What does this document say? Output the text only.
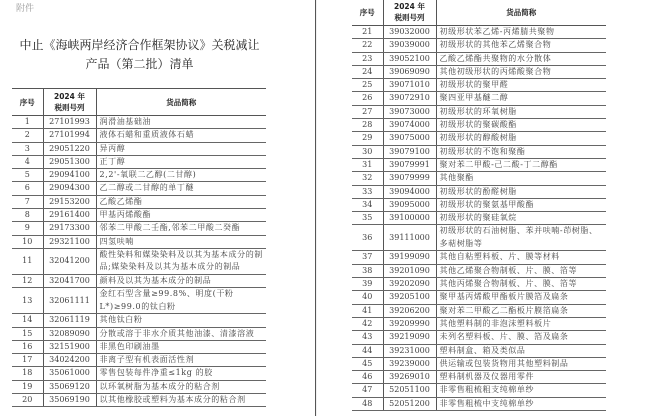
附件
中止《海峡两岸经济合作框架协议》关税减让
产品（第二批）清单
序号	2024 年
税则号列	货品简称
1	27101993	润滑油基础油
2	27101994	液体石蜡和重质液体石蜡
3	29051220	异丙醇
4	29051300	正丁醇
5	29094100	2,2'-氧联二乙醇(二甘醇)
6	29094300	乙二醇或二甘醇的单丁醚
7	29153200	乙酸乙烯酯
8	29161400	甲基丙烯酸酯
9	29173300	邻苯二甲酸二壬酯,邻苯二甲酸二癸酯
10	29321100	四氢呋喃
11	32041200	酸性染料和媒染染料及以其为基本成分的制品;媒染染料及以其为基本成分的制品
12	32041700	颜料及以其为基本成分的制品
13	32061111	金红石型含量≥99.8%、明度(干粉L*)≥99.0的钛白粉
14	32061119	其他钛白粉
15	32089090	分散或溶于非水介质其他油漆、清漆溶液
16	32151900	非黑色印刷油墨
17	34024200	非离子型有机表面活性剂
18	35061000	零售包装每件净重≤1kg 的胶
19	35069120	以环氧树脂为基本成分的粘合剂
20	35069190	以其他橡胶或塑料为基本成分的粘合剂
序号	2024 年
税则号列	货品简称
21	39032000	初级形状苯乙烯-丙烯腈共聚物
22	39039000	初级形状的其他苯乙烯聚合物
23	39052100	乙酸乙烯酯共聚物的水分散体
24	39069090	其他初级形状的丙烯酸聚合物
25	39071010	初级形状的聚甲醛
26	39072910	聚四亚甲基醚二醇
27	39073000	初级形状的环氧树脂
28	39074000	初级形状的聚碳酸酯
29	39075000	初级形状的醇酸树脂
30	39079100	初级形状的不饱和聚酯
31	39079991	聚对苯二甲酸-己二酸-丁二醇酯
32	39079999	其他聚酯
33	39094000	初级形状的酚醛树脂
34	39095000	初级形状的聚氨基甲酸酯
35	39100000	初级形状的聚硅氧烷
36	39111000	初级形状的石油树脂、苯并呋喃-茚树脂、多萜树脂等
37	39199090	其他自粘塑料板、片、膜等材料
38	39201090	其他乙烯聚合物制板、片、膜、箔等
39	39202090	其他丙烯聚合物制板、片、膜、箔等
40	39205100	聚甲基丙烯酸甲酯板片膜箔及扁条
41	39206200	聚对苯二甲酸乙二酯板片膜箔扁条
42	39209990	其他塑料制的非泡沫塑料板片
43	39219090	未列名塑料板、片、膜、箔及扁条
44	39231000	塑料制盒、箱及类似品
45	39239000	供运输或包装货物用其他塑料制品
46	39269010	塑料制机器及仪器用零件
47	52051100	非零售粗梳粗支纯棉单纱
48	52051200	非零售粗梳中支纯棉单纱
